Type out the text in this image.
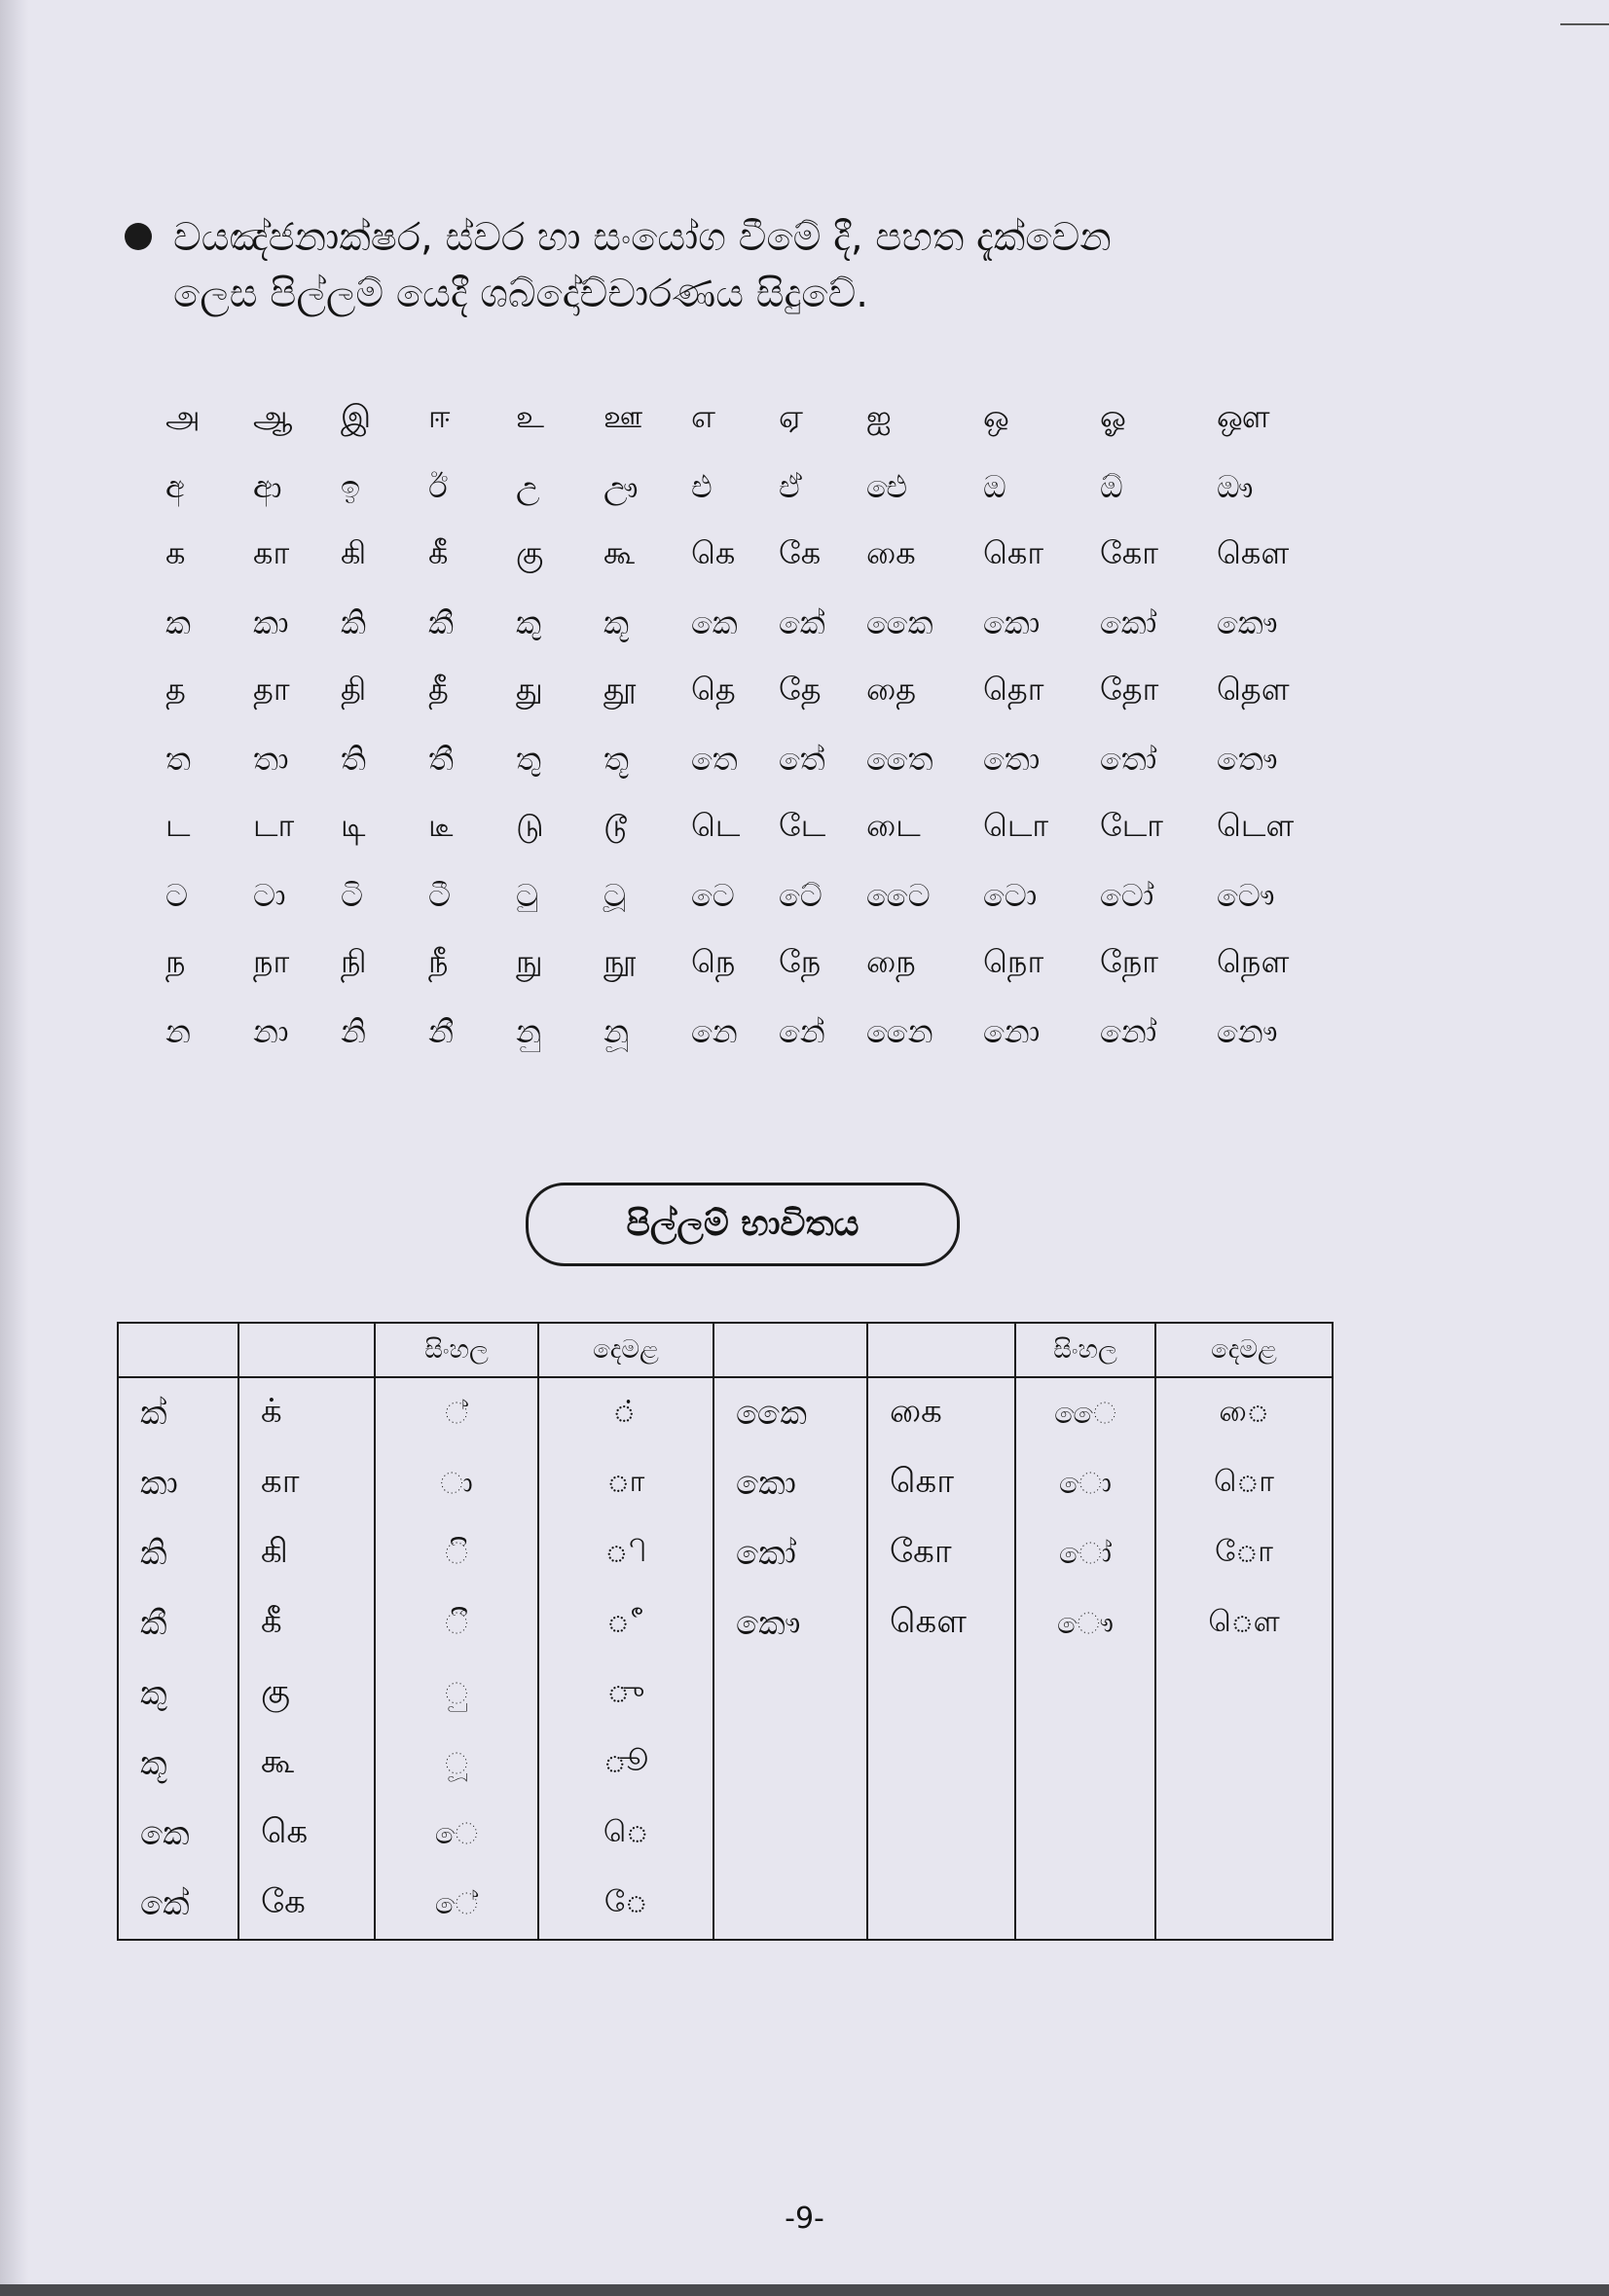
වයඤ්ජනාක්ෂර, ස්වර හා සංයෝග වීමේ දී, පහත දැක්වෙන

ලෙස පිල්ලම් යෙදී ශබ්දෝච්චාරණය සිදුවේ.

அ	ஆ	இ	ஈ	உ	ஊ	எ	ஏ	ஐ	ஒ	ஓ	ஔ
අ	ආ	ඉ	ඊ	උ	ඌ	එ	ඒ	ඓ	ඔ	ඕ	ඖ
க	கா	கி	கீ	கு	கூ	கெ	கே	கை	கொ	கோ	கௌ
ක	කා	කි	කී	කු	කූ	කෙ	කේ	කෛ	කො	කෝ	කෞ
த	தா	தி	தீ	து	தூ	தெ	தே	தை	தொ	தோ	தௌ
ත	තා	ති	තී	තු	තූ	තෙ	තේ	තෛ	තො	තෝ	තෞ
ட	டா	டி	டீ	டு	டூ	டெ	டே	டை	டொ	டோ	டௌ
ට	ටා	ටි	ටී	ටු	ටූ	ටෙ	ටේ	ටෛ	ටො	ටෝ	ටෞ
ந	நா	நி	நீ	நு	நூ	நெ	நே	நை	நொ	நோ	நௌ
න	නා	නි	නී	නු	නූ	නෙ	නේ	නෛ	නො	නෝ	නෞ
පිල්ලම් භාවිතය
		සිංහල	දෙමළ			සිංහල	දෙමළ
ක්	க்	්	்	කෛ	கை	ෛ	ை
කා	கா	ා	ா	කො	கொ	ො	ொ
කි	கி	ි	ி	කෝ	கோ	ෝ	ோ
කී	கீ	ී	ீ	කෞ	கௌ	ෞ	ௌ
කු	கு	ු	ு				
කූ	கூ	ූ	ூ				
කෙ	கெ	ෙ	ெ				
කේ	கே	ේ	ே				
-9-
